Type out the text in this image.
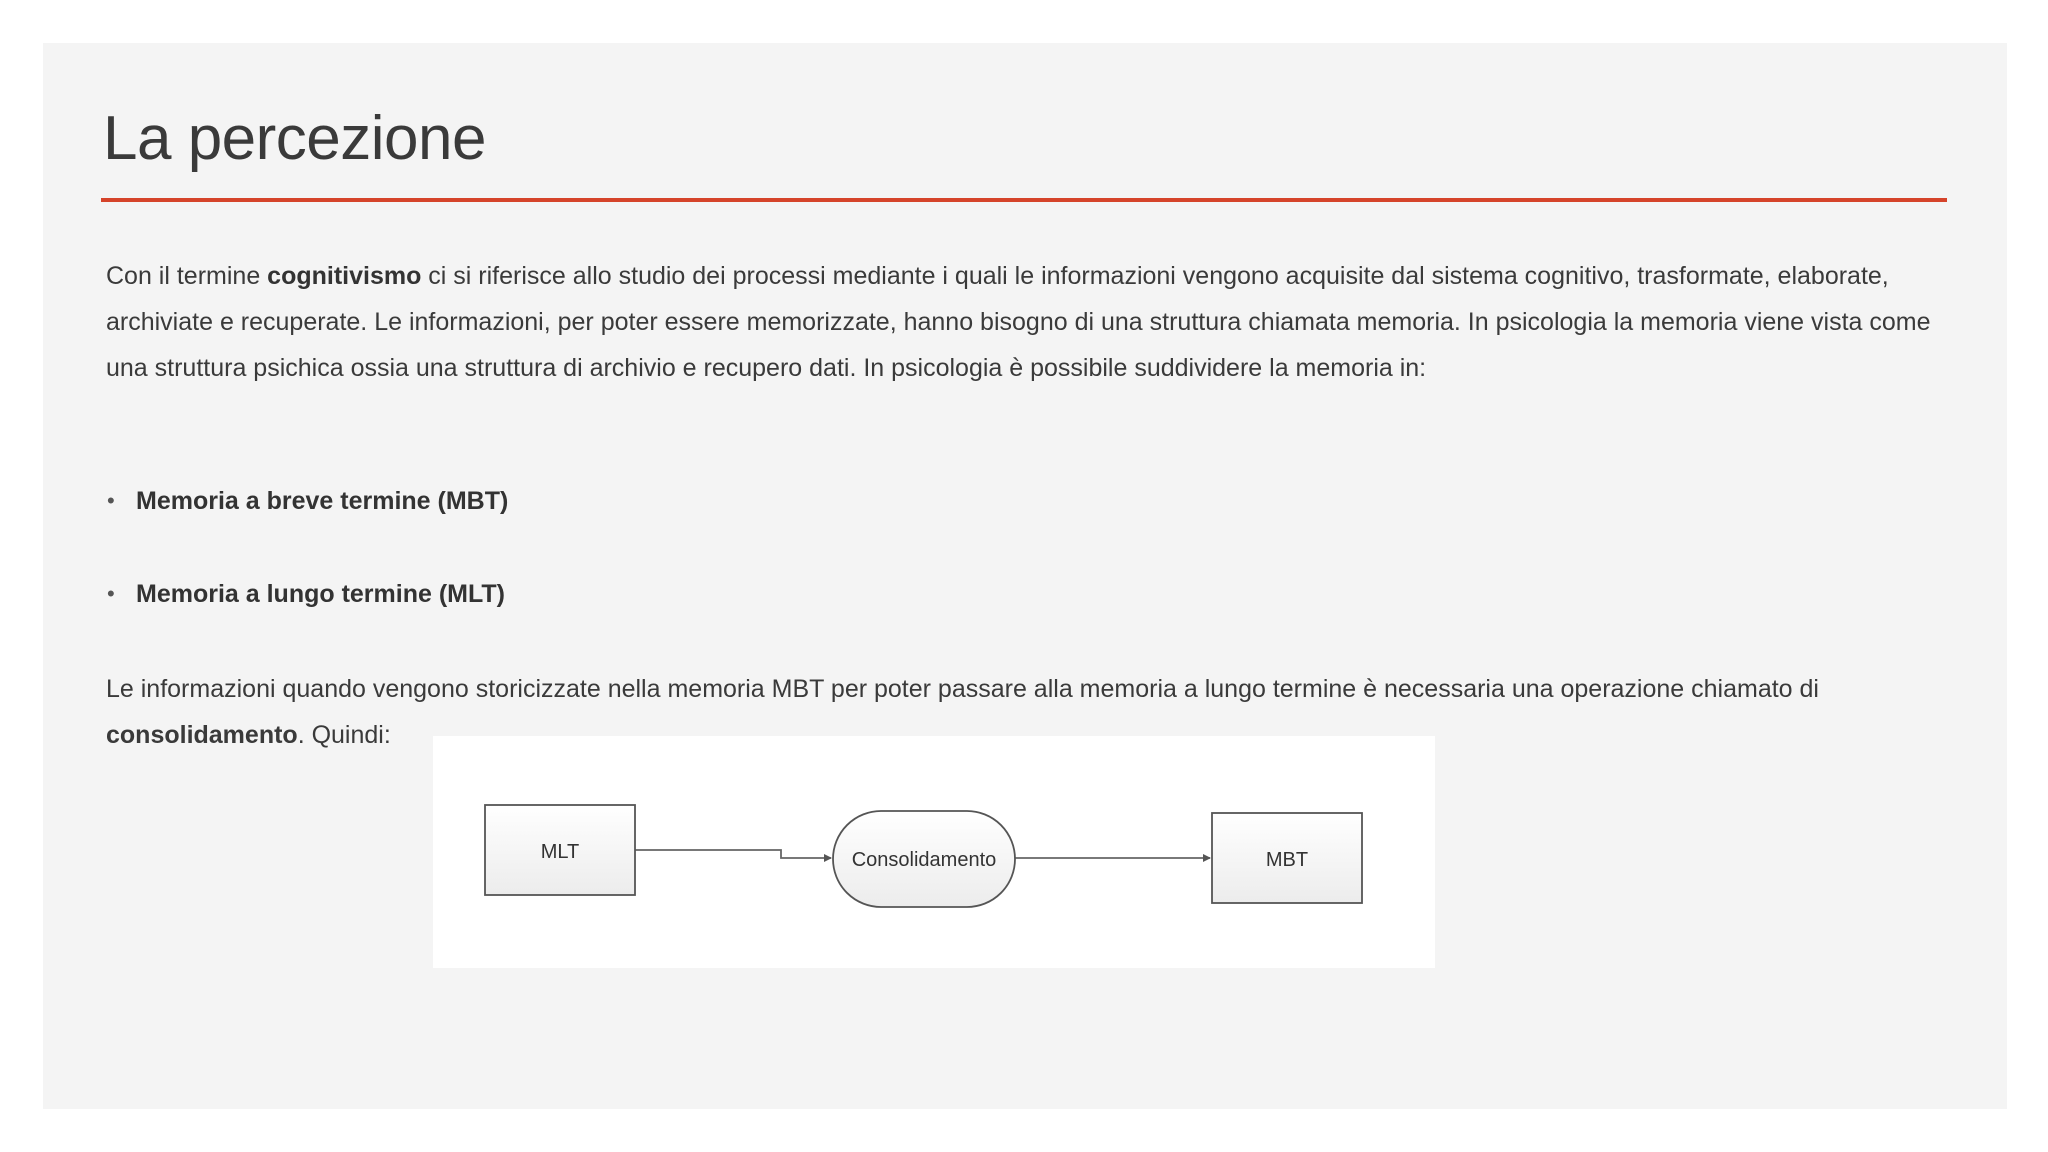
La percezione

Con il termine cognitivismo ci si riferisce allo studio dei processi mediante i quali le informazioni vengono acquisite dal sistema cognitivo, trasformate, elaborate, archiviate e recuperate. Le informazioni, per poter essere memorizzate, hanno bisogno di una struttura chiamata memoria. In psicologia la memoria viene vista come una struttura psichica ossia una struttura di archivio e recupero dati. In psicologia è possibile suddividere la memoria in:

• Memoria a breve termine (MBT)
• Memoria a lungo termine (MLT)

Le informazioni quando vengono storicizzate nella memoria MBT per poter passare alla memoria a lungo termine è necessaria una operazione chiamato di consolidamento. Quindi:

MLT	Consolidamento	MBT
